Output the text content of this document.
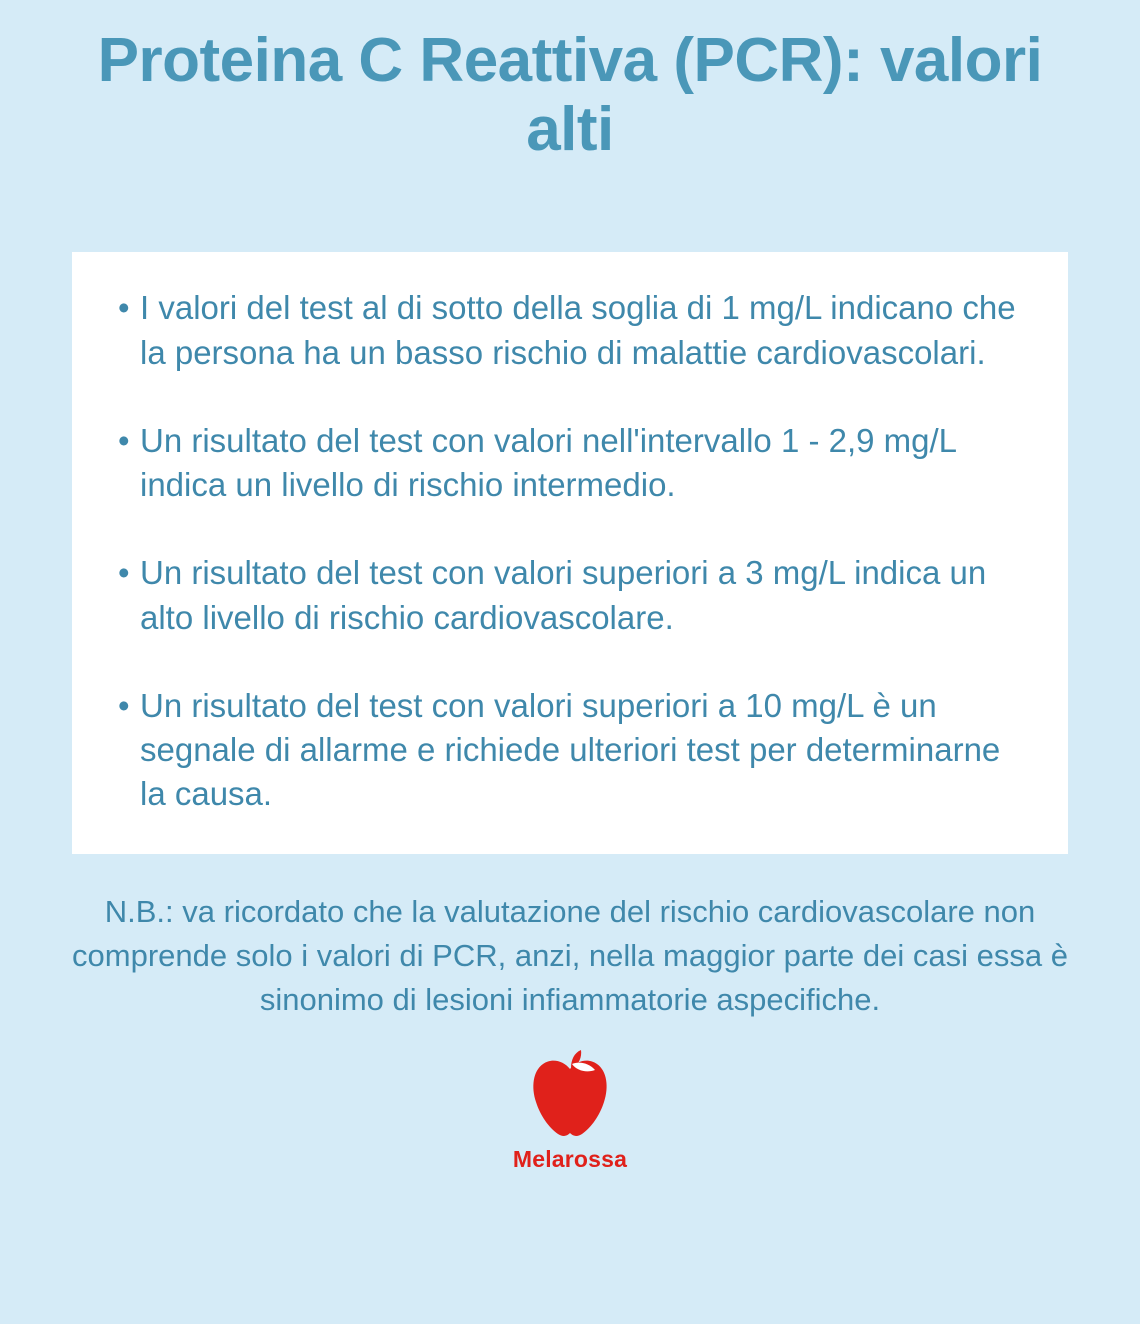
Proteina C Reattiva (PCR): valori alti
• I valori del test al di sotto della soglia di 1 mg/L indicano che la persona ha un basso rischio di malattie cardiovascolari.
• Un risultato del test con valori nell'intervallo 1 - 2,9 mg/L indica un livello di rischio intermedio.
• Un risultato del test con valori superiori a 3 mg/L indica un alto livello di rischio cardiovascolare.
• Un risultato del test con valori superiori a 10 mg/L è un segnale di allarme e richiede ulteriori test per determinarne la causa.
N.B.: va ricordato che la valutazione del rischio cardiovascolare non comprende solo i valori di PCR, anzi, nella maggior parte dei casi essa è sinonimo di lesioni infiammatorie aspecifiche.
Melarossa
